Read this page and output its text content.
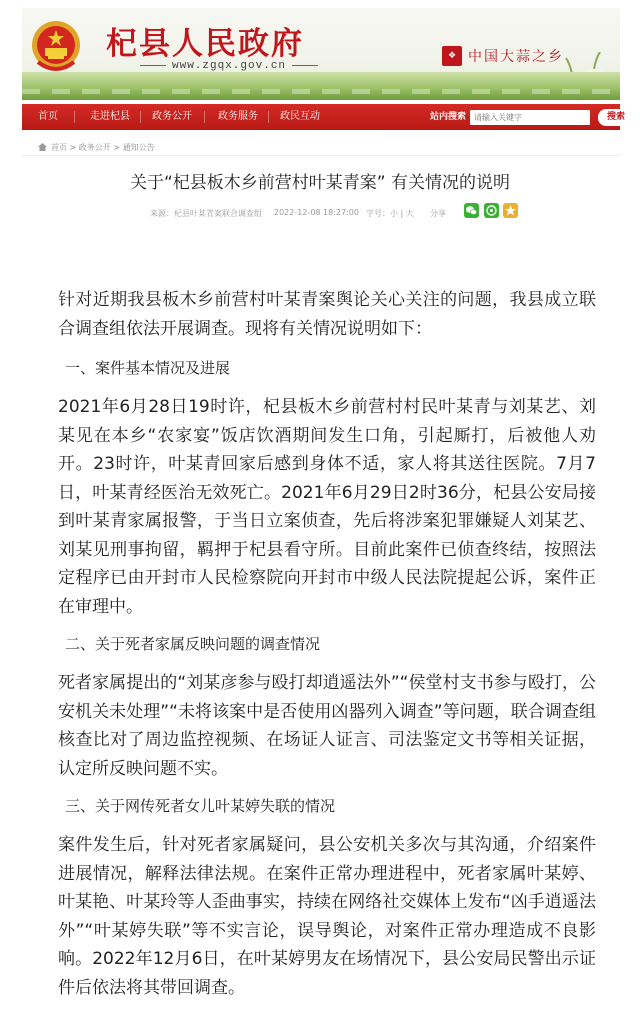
杞县人民政府
www.zgqx.gov.cn
❖ 中国大蒜之乡
首页	走进杞县 政务公开	政务服务 政民互动	站内搜索
请输入关键字	搜索
首页 > 政务公开 > 通知公告
关于“杞县板木乡前营村叶某青案” 有关情况的说明
来源：杞县叶某青案联合调查组 2022-12-08 18:27:00 字号：小 | 大 分享

针对近期我县板木乡前营村叶某青案舆论关心关注的问题，我县成立联合调查组依法开展调查。现将有关情况说明如下：

一、案件基本情况及进展

2021年6月28日19时许，杞县板木乡前营村村民叶某青与刘某艺、刘某见在本乡“农家宴”饭店饮酒期间发生口角，引起厮打，后被他人劝开。23时许，叶某青回家后感到身体不适，家人将其送往医院。7月7日，叶某青经医治无效死亡。2021年6月29日2时36分，杞县公安局接到叶某青家属报警，于当日立案侦查，先后将涉案犯罪嫌疑人刘某艺、刘某见刑事拘留，羁押于杞县看守所。目前此案件已侦查终结，按照法定程序已由开封市人民检察院向开封市中级人民法院提起公诉，案件正在审理中。

二、关于死者家属反映问题的调查情况

死者家属提出的“刘某彦参与殴打却逍遥法外”“侯堂村支书参与殴打，公安机关未处理”“未将该案中是否使用凶器列入调查”等问题，联合调查组核查比对了周边监控视频、在场证人证言、司法鉴定文书等相关证据，认定所反映问题不实。

三、关于网传死者女儿叶某婷失联的情况

案件发生后，针对死者家属疑问，县公安机关多次与其沟通，介绍案件进展情况，解释法律法规。在案件正常办理进程中，死者家属叶某婷、叶某艳、叶某玲等人歪曲事实，持续在网络社交媒体上发布“凶手逍遥法外”“叶某婷失联”等不实言论，误导舆论，对案件正常办理造成不良影响。2022年12月6日，在叶某婷男友在场情况下，县公安局民警出示证件后依法将其带回调查。
